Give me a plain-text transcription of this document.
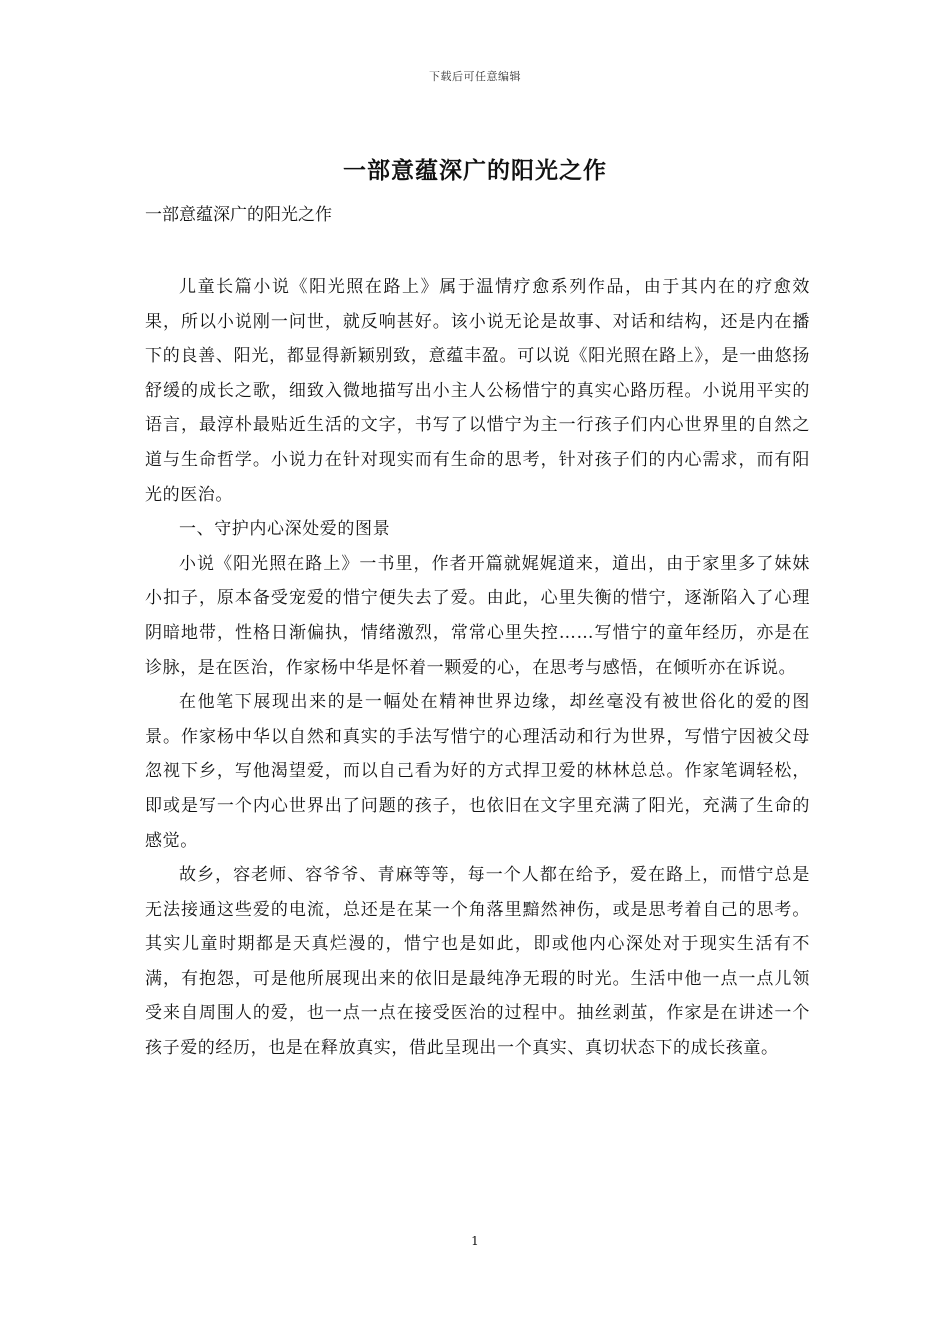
下载后可任意编辑
一部意蕴深广的阳光之作

一部意蕴深广的阳光之作

儿童长篇小说《阳光照在路上》属于温情疗愈系列作品，由于其内在的疗愈效果，所以小说刚一问世，就反响甚好。该小说无论是故事、对话和结构，还是内在播下的良善、阳光，都显得新颖别致，意蕴丰盈。可以说《阳光照在路上》，是一曲悠扬舒缓的成长之歌，细致入微地描写出小主人公杨惜宁的真实心路历程。小说用平实的语言，最淳朴最贴近生活的文字，书写了以惜宁为主一行孩子们内心世界里的自然之道与生命哲学。小说力在针对现实而有生命的思考，针对孩子们的内心需求，而有阳光的医治。

一、守护内心深处爱的图景

小说《阳光照在路上》一书里，作者开篇就娓娓道来，道出，由于家里多了妹妹小扣子，原本备受宠爱的惜宁便失去了爱。由此，心里失衡的惜宁，逐渐陷入了心理阴暗地带，性格日渐偏执，情绪激烈，常常心里失控……写惜宁的童年经历，亦是在诊脉，是在医治，作家杨中华是怀着一颗爱的心，在思考与感悟，在倾听亦在诉说。

在他笔下展现出来的是一幅处在精神世界边缘，却丝毫没有被世俗化的爱的图景。作家杨中华以自然和真实的手法写惜宁的心理活动和行为世界，写惜宁因被父母忽视下乡，写他渴望爱，而以自己看为好的方式捍卫爱的林林总总。作家笔调轻松，即或是写一个内心世界出了问题的孩子，也依旧在文字里充满了阳光，充满了生命的感觉。

故乡，容老师、容爷爷、青麻等等，每一个人都在给予，爱在路上，而惜宁总是无法接通这些爱的电流，总还是在某一个角落里黯然神伤，或是思考着自己的思考。其实儿童时期都是天真烂漫的，惜宁也是如此，即或他内心深处对于现实生活有不满，有抱怨，可是他所展现出来的依旧是最纯净无瑕的时光。生活中他一点一点儿领受来自周围人的爱，也一点一点在接受医治的过程中。抽丝剥茧，作家是在讲述一个孩子爱的经历，也是在释放真实，借此呈现出一个真实、真切状态下的成长孩童。

1
